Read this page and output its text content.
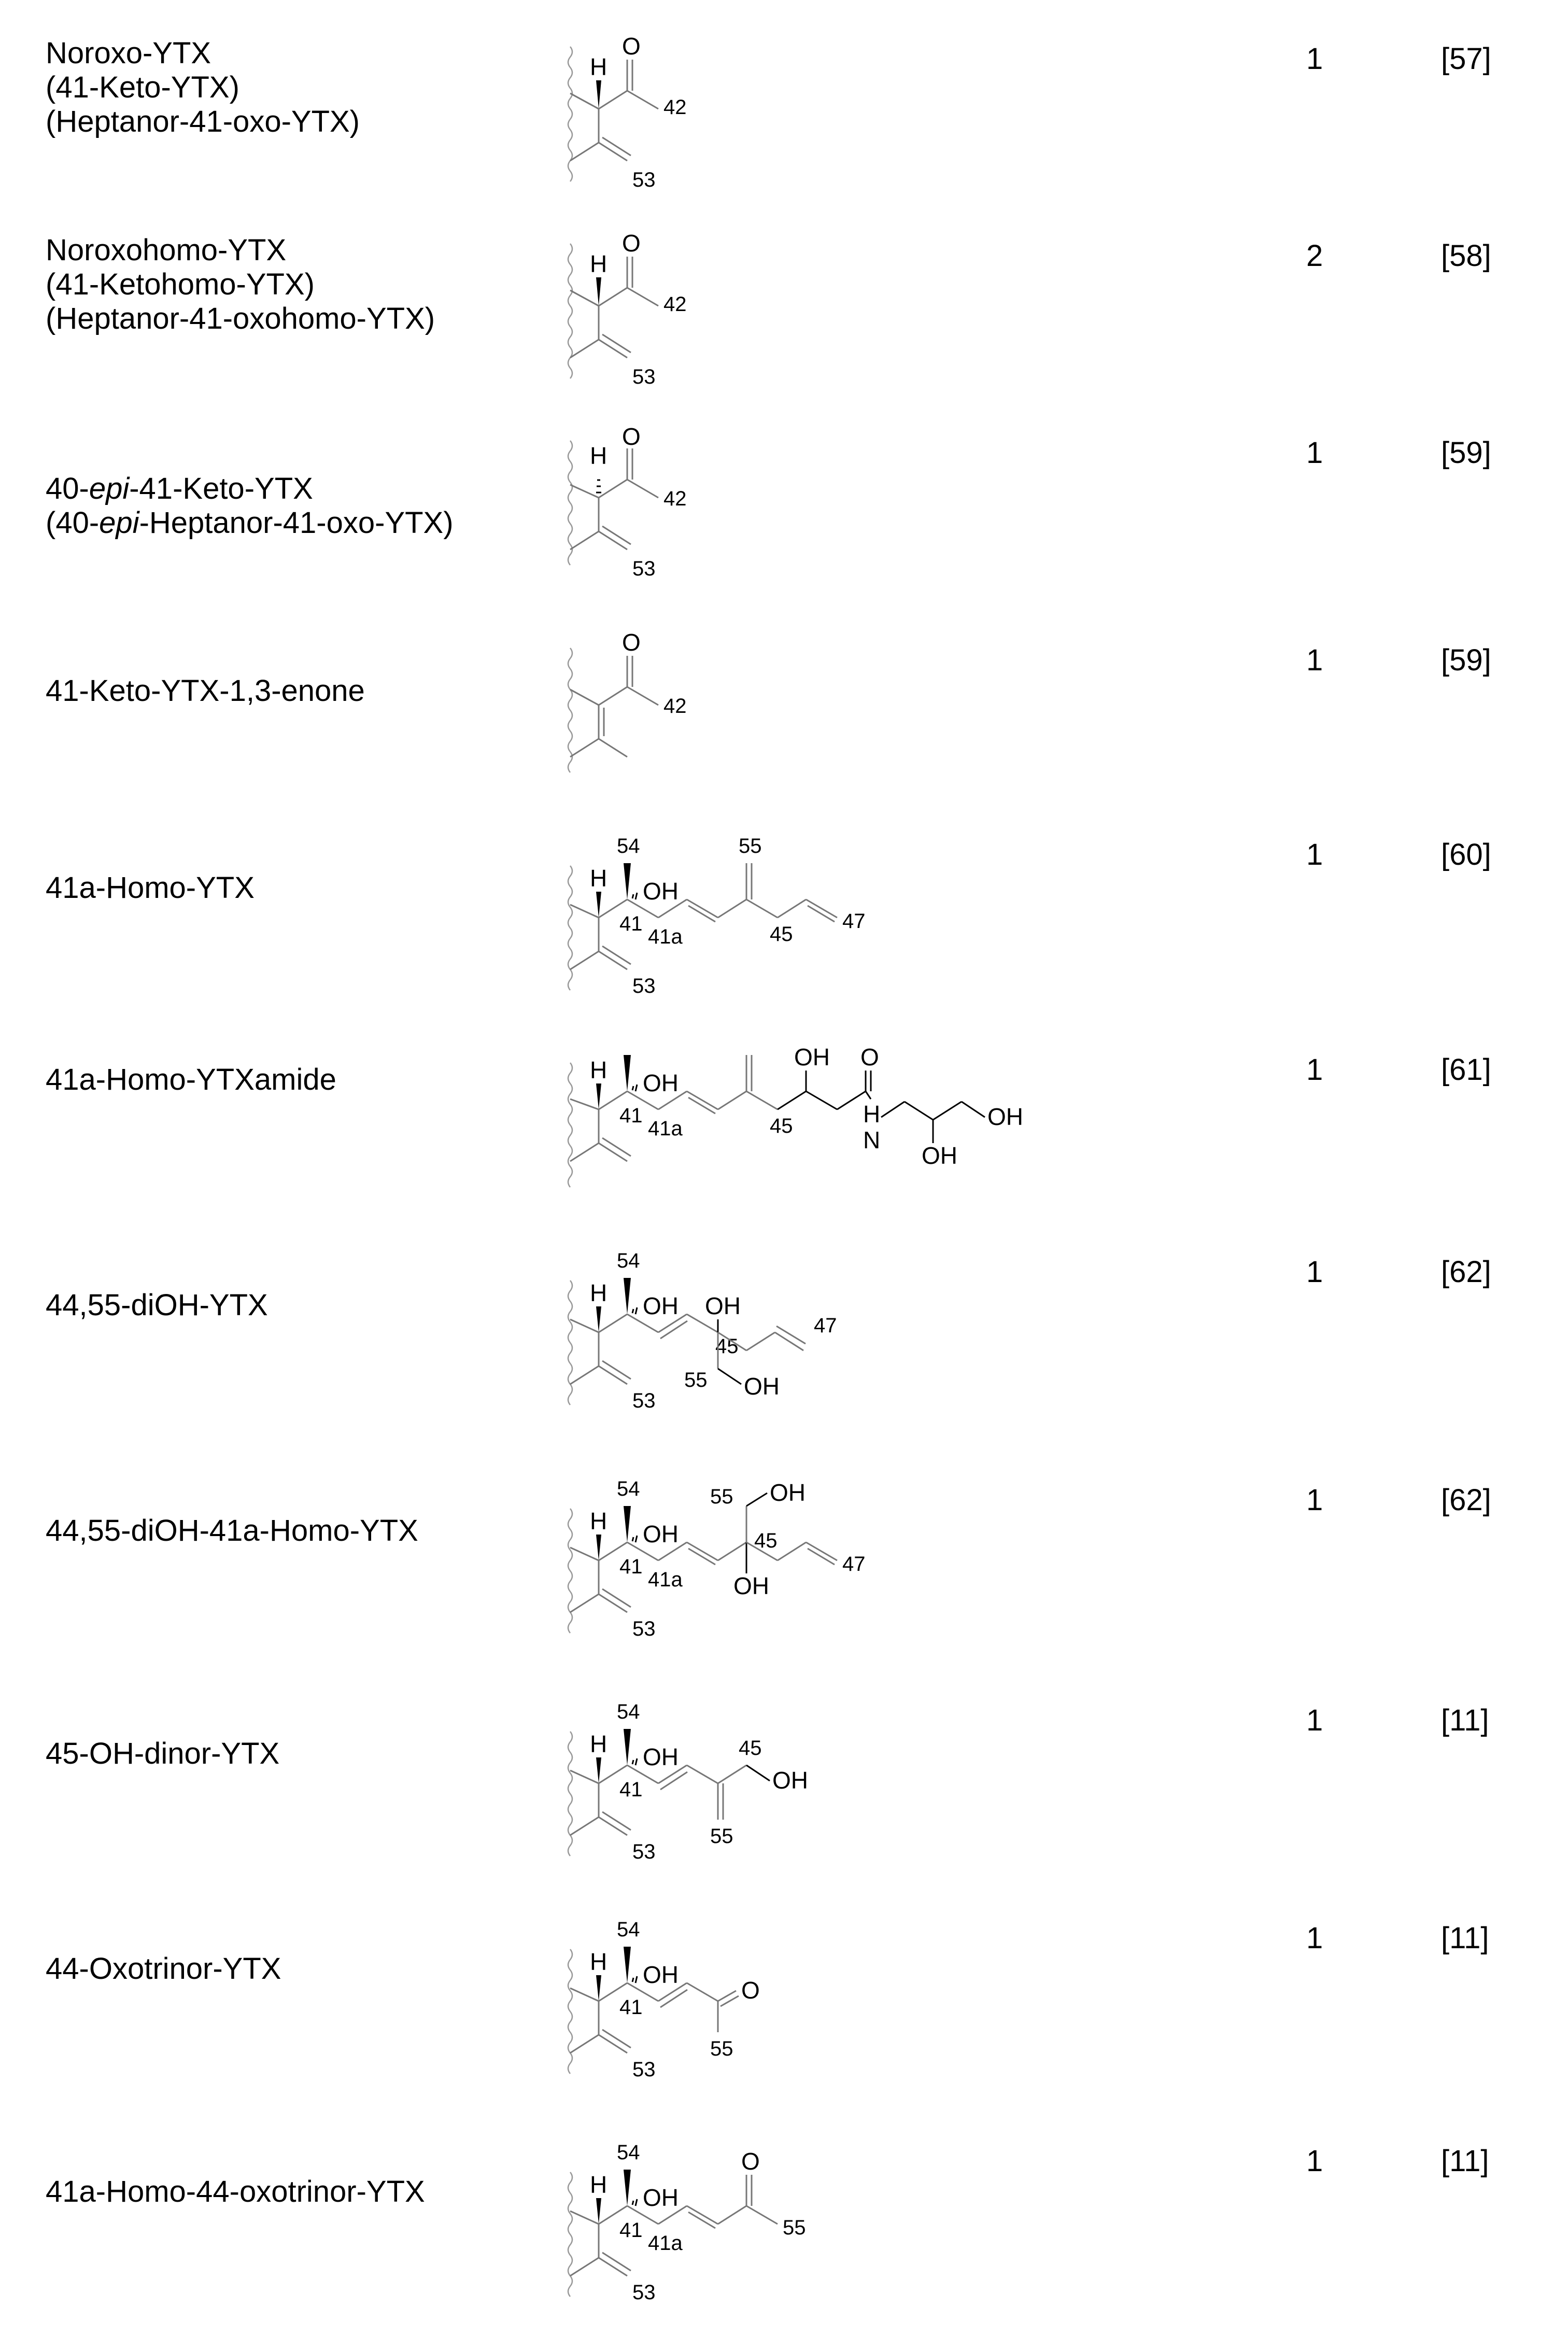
Noroxo-YTX
(41-Keto-YTX)
(Heptanor-41-oxo-YTX)
H
O
42
53
1	[57]
Noroxohomo-YTX
(41-Ketohomo-YTX)
(Heptanor-41-oxohomo-YTX)
H
O
42
53
2	[58]
40-epi-41-Keto-YTX
(40-epi-Heptanor-41-oxo-YTX)
H
O
42
53
1	[59]
41-Keto-YTX-1,3-enone
O
42
1	[59]
41a-Homo-YTX	H
54
OH
41
41a
55
45
47
53
1	[60]
41a-Homo-YTXamide	H OH
41
41a	45
OH O
H
N
OH
OH
1	[61]
44,55-diOH-YTX	H
54
OH OH
45
47
55 OH
53
1	[62]
44,55-diOH-41a-Homo-YTX	H
54
OH
41
41a
55 OH
45
OH
47
53
1	[62]
45-OH-dinor-YTX	H
54
OH
41
45
OH
55
53
1	[11]
44-Oxotrinor-YTX	H
54
OH
41
O
55
53
1	[11]
41a-Homo-44-oxotrinor-YTX	H
54
OH
41
41a
O
55
53
1	[11]
